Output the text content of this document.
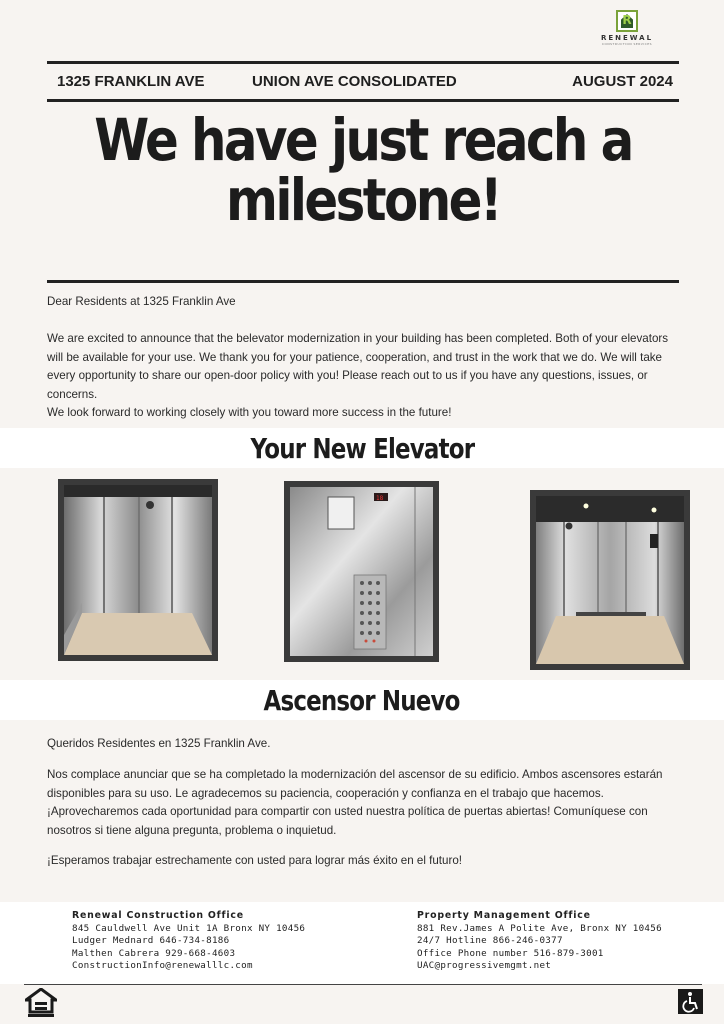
R
RENEWAL
CONSTRUCTION SERVICES
1325 FRANKLIN AVE	UNION AVE CONSOLIDATED	AUGUST 2024
We have just reach a
milestone!
Dear Residents at 1325 Franklin Ave
We are excited to announce that the belevator modernization in your building has been completed. Both of your elevators will be available for your use. We thank you for your patience, cooperation, and trust in the work that we do. We will take every opportunity to share our open-door policy with you! Please reach out to us if you have any questions, issues, or concerns.
We look forward to working closely with you toward more success in the future!
Your New Elevator
18
Ascensor Nuevo
Queridos Residentes en 1325 Franklin Ave.
Nos complace anunciar que se ha completado la modernización del ascensor de su edificio. Ambos ascensores estarán disponibles para su uso. Le agradecemos su paciencia, cooperación y confianza en el trabajo que hacemos. ¡Aprovecharemos cada oportunidad para compartir con usted nuestra política de puertas abiertas! Comuníquese con nosotros si tiene alguna pregunta, problema o inquietud.
¡Esperamos trabajar estrechamente con usted para lograr más éxito en el futuro!
Renewal Construction Office
845 Cauldwell Ave Unit 1A Bronx NY 10456
Ludger Mednard 646-734-8186
Malthen Cabrera 929-668-4603
ConstructionInfo@renewalllc.com
Property Management Office
881 Rev.James A Polite Ave, Bronx NY 10456
24/7 Hotline 866-246-0377
Office Phone number 516-879-3001
UAC@progressivemgmt.net
